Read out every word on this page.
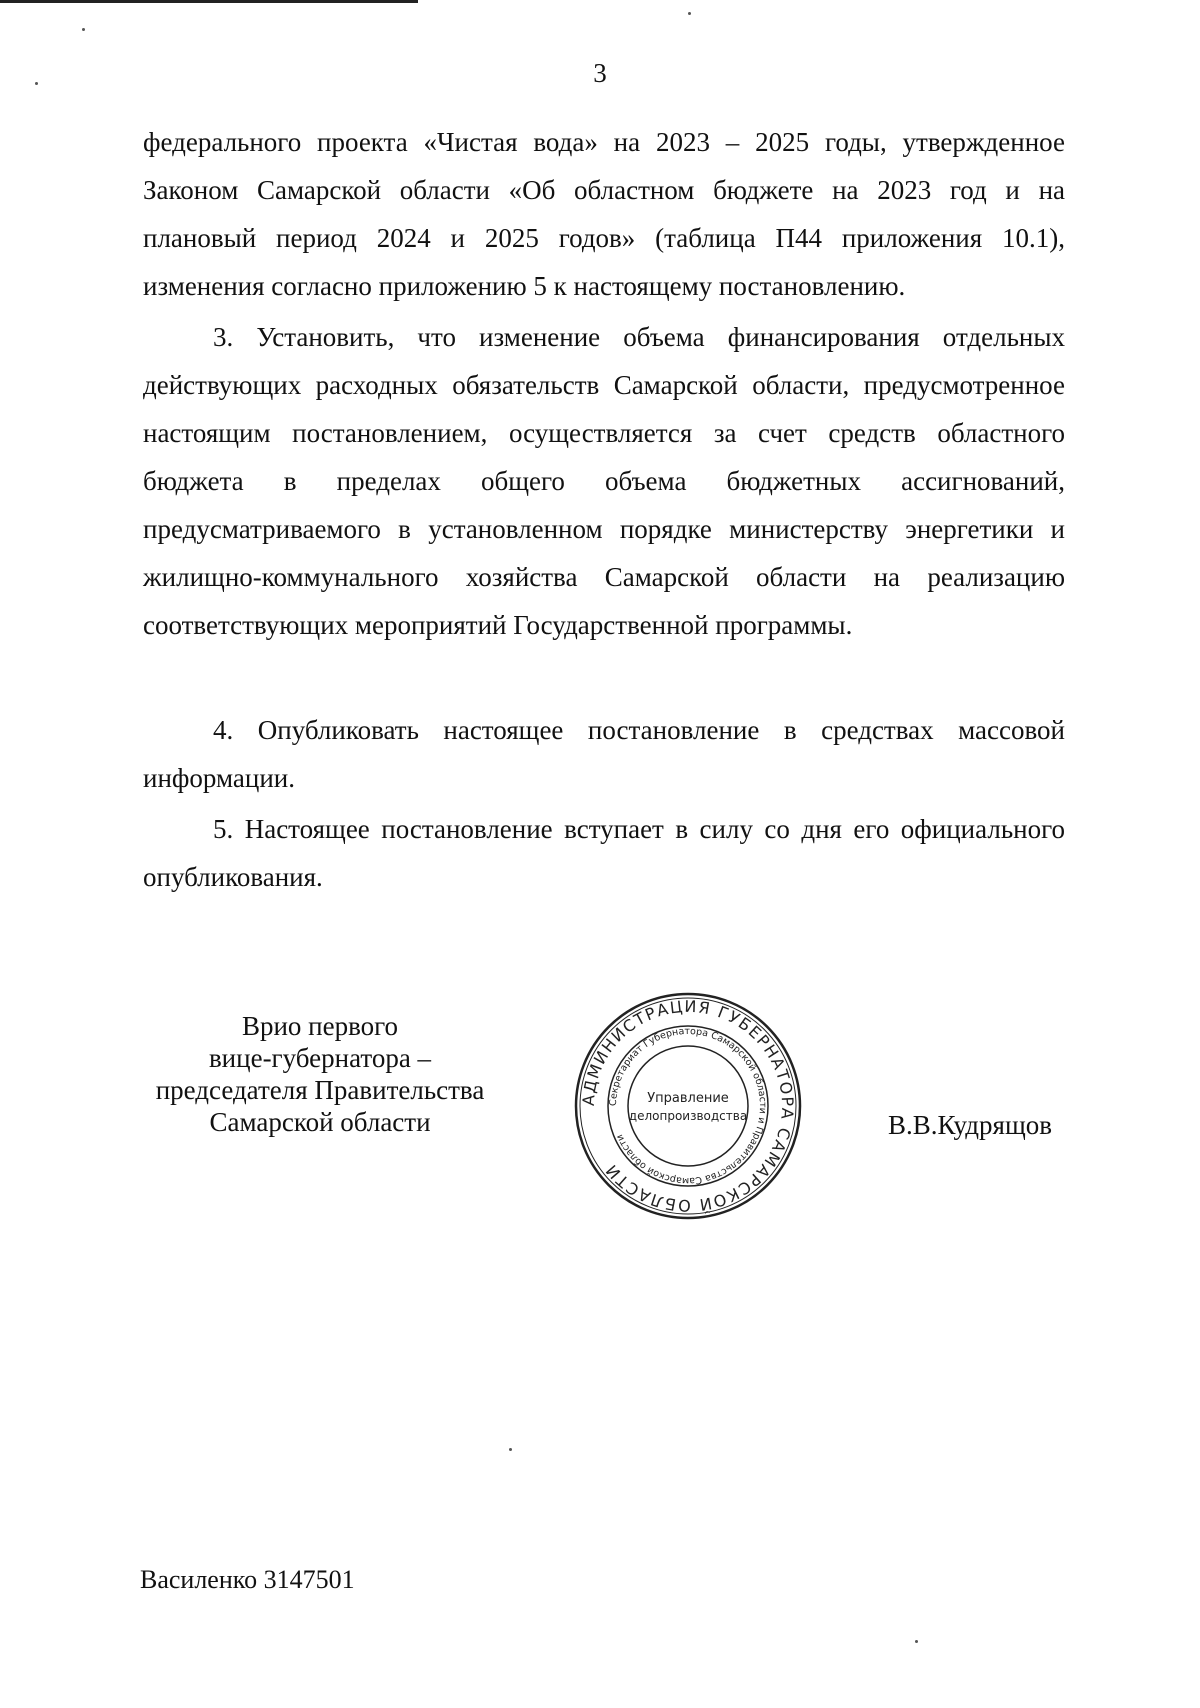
3

федерального проекта «Чистая вода» на 2023 – 2025 годы, утвержденное Законом Самарской области «Об областном бюджете на 2023 год и на плановый период 2024 и 2025 годов» (таблица П44 приложения 10.1), изменения согласно приложению 5 к настоящему постановлению.

3. Установить, что изменение объема финансирования отдельных действующих расходных обязательств Самарской области, предусмотренное настоящим постановлением, осуществляется за счет средств областного бюджета в пределах общего объема бюджетных ассигнований, предусматриваемого в установленном порядке министерству энергетики и жилищно-коммунального хозяйства Самарской области на реализацию соответствующих мероприятий Государственной программы.

4. Опубликовать настоящее постановление в средствах массовой информации.

5. Настоящее постановление вступает в силу со дня его официального опубликования.

Врио первого
вице-губернатора –
председателя Правительства
Самарской области
АДМИНИСТРАЦИЯ ГУБЕРНАТОРА САМАРСКОЙ ОБЛАСТИ
Секретариат Губернатора Самарской области и Правительства Самарской области
Управление
делопроизводства	В.В.Кудрящов
Василенко 3147501
